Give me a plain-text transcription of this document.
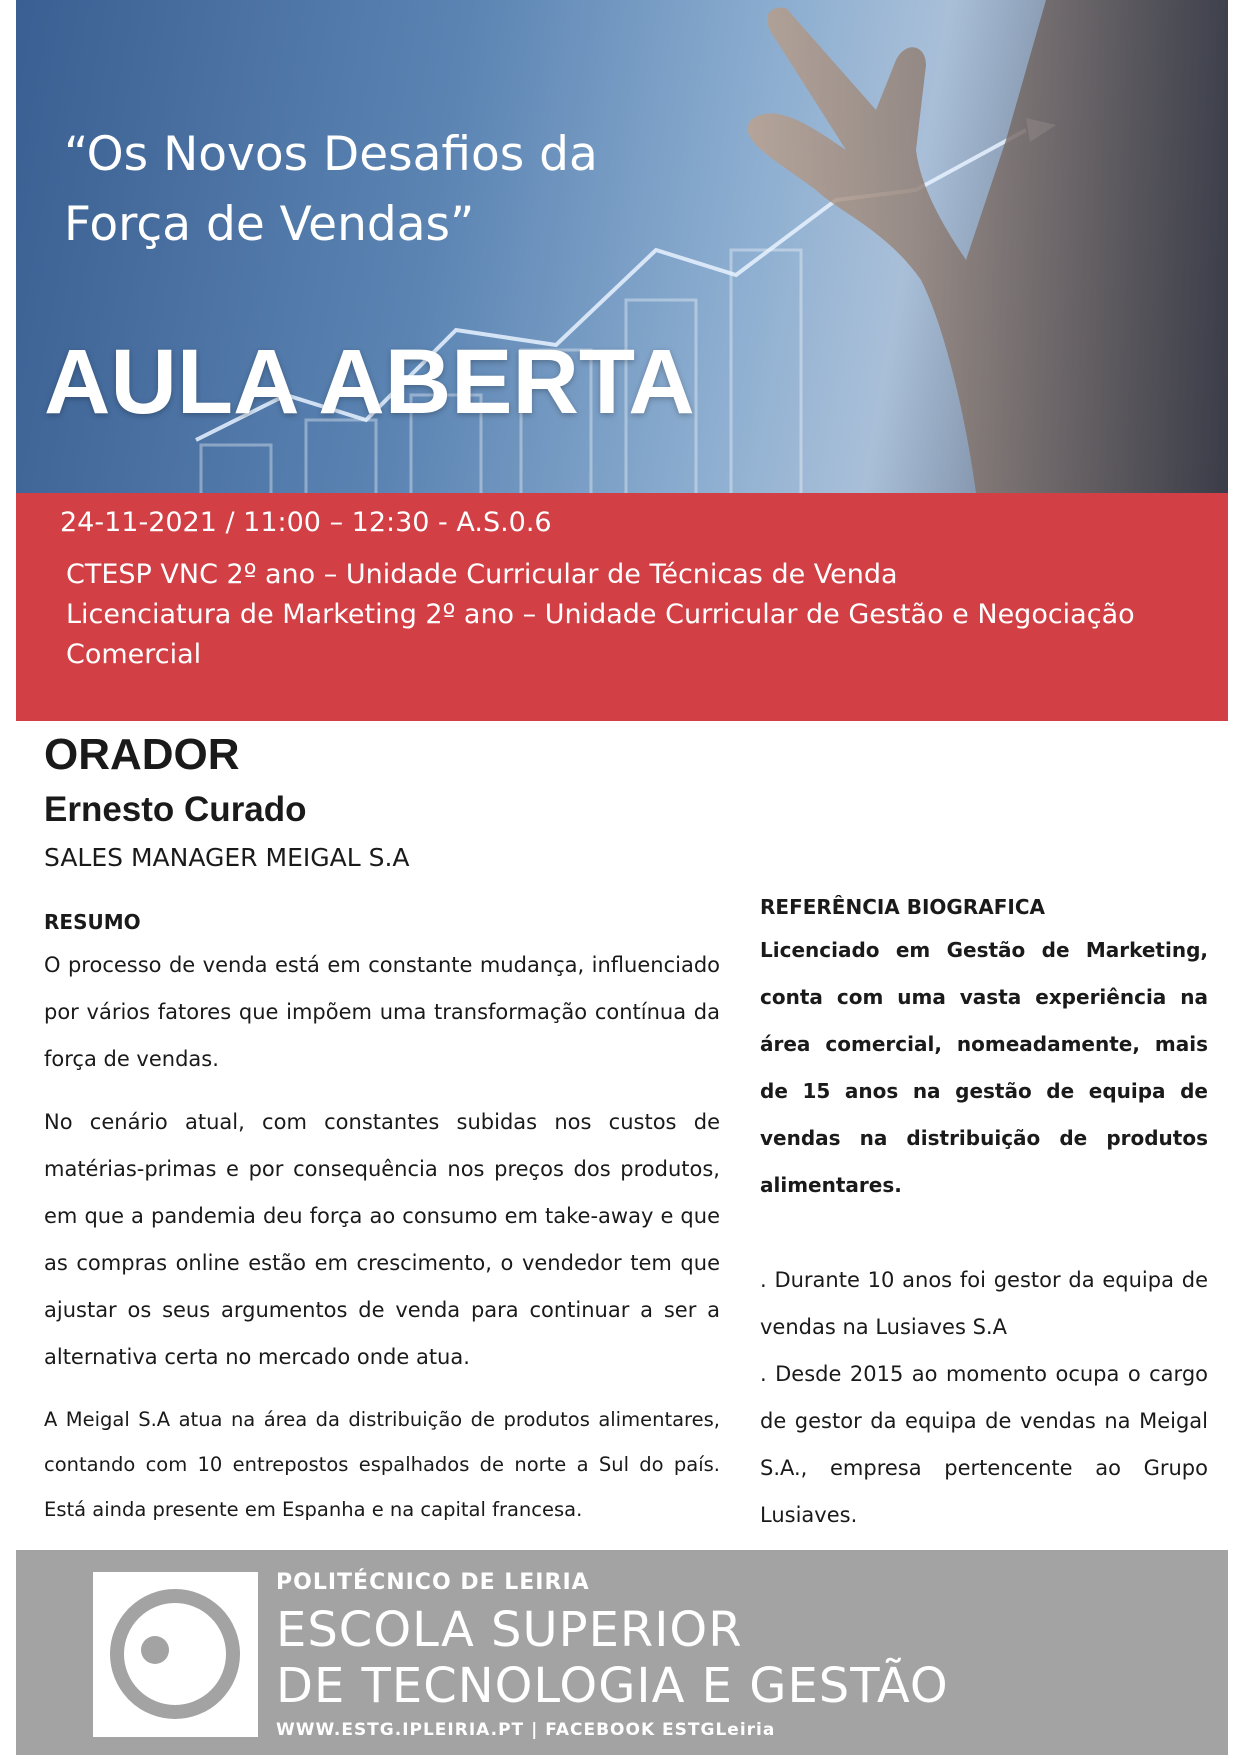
“Os Novos Desafios da
Força de Vendas”

AULA ABERTA
24-11-2021 / 11:00 – 12:30 - A.S.0.6
CTESP VNC 2º ano – Unidade Curricular de Técnicas de Venda
Licenciatura de Marketing 2º ano – Unidade Curricular de Gestão e Negociação
Comercial
ORADOR
Ernesto Curado
SALES MANAGER MEIGAL S.A
RESUMO

O processo de venda está em constante mudança, influenciado por vários fatores que impõem uma transformação contínua da força de vendas.

No cenário atual, com constantes subidas nos custos de matérias-primas e por consequência nos preços dos produtos, em que a pandemia deu força ao consumo em take-away e que as compras online estão em crescimento, o vendedor tem que ajustar os seus argumentos de venda para continuar a ser a alternativa certa no mercado onde atua.

A Meigal S.A atua na área da distribuição de produtos alimentares, contando com 10 entrepostos espalhados de norte a Sul do país. Está ainda presente em Espanha e na capital francesa.

REFERÊNCIA BIOGRAFICA

Licenciado em Gestão de Marketing, conta com uma vasta experiência na área comercial, nomeadamente, mais de 15 anos na gestão de equipa de vendas na distribuição de produtos alimentares.

. Durante 10 anos foi gestor da equipa de vendas na Lusiaves S.A

. Desde 2015 ao momento ocupa o cargo de gestor da equipa de vendas na Meigal S.A., empresa pertencente ao Grupo Lusiaves.

POLITÉCNICO DE LEIRIA
ESCOLA SUPERIOR
DE TECNOLOGIA E GESTÃO
WWW.ESTG.IPLEIRIA.PT | FACEBOOK ESTGLeiria
